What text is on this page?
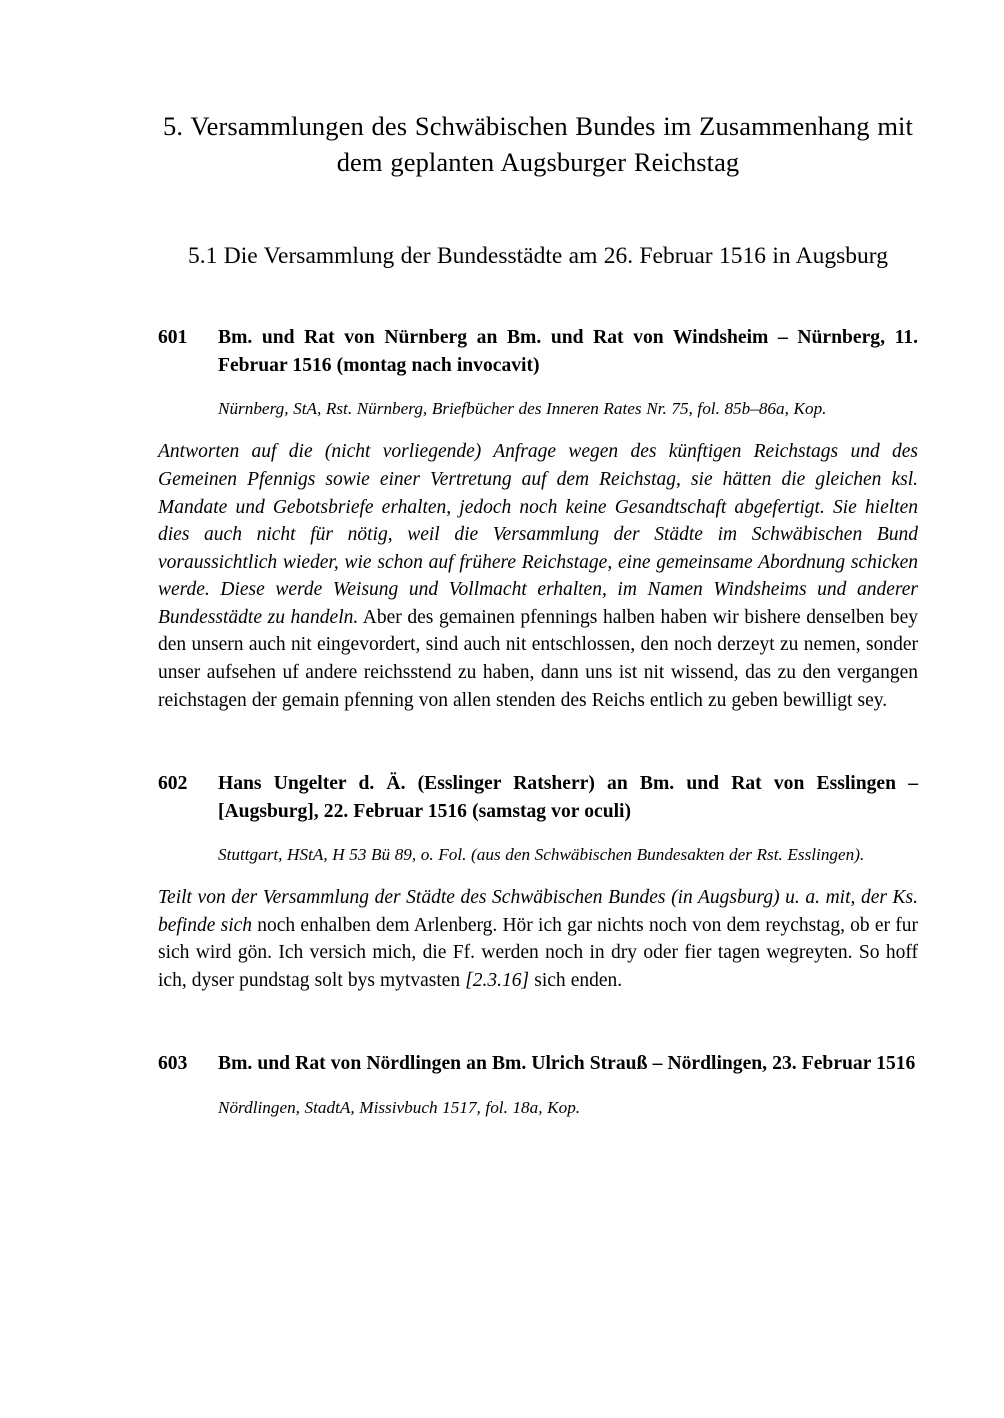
5. Versammlungen des Schwäbischen Bundes im Zusammenhang mit dem geplanten Augsburger Reichstag
5.1 Die Versammlung der Bundesstädte am 26. Februar 1516 in Augsburg

601 Bm. und Rat von Nürnberg an Bm. und Rat von Windsheim – Nürnberg, 11. Februar 1516 (montag nach invocavit)

Nürnberg, StA, Rst. Nürnberg, Briefbücher des Inneren Rates Nr. 75, fol. 85b–86a, Kop.

Antworten auf die (nicht vorliegende) Anfrage wegen des künftigen Reichstags und des Gemeinen Pfennigs sowie einer Vertretung auf dem Reichstag, sie hätten die gleichen ksl. Mandate und Gebotsbriefe erhalten, jedoch noch keine Gesandtschaft abgefertigt. Sie hielten dies auch nicht für nötig, weil die Versammlung der Städte im Schwäbischen Bund voraussichtlich wieder, wie schon auf frühere Reichstage, eine gemeinsame Abordnung schicken werde. Diese werde Weisung und Vollmacht erhalten, im Namen Windsheims und anderer Bundesstädte zu handeln. Aber des gemainen pfennings halben haben wir bishere denselben bey den unsern auch nit eingevordert, sind auch nit entschlossen, den noch derzeyt zu nemen, sonder unser aufsehen uf andere reichsstend zu haben, dann uns ist nit wissend, das zu den vergangen reichstagen der gemain pfenning von allen stenden des Reichs entlich zu geben bewilligt sey.

602 Hans Ungelter d. Ä. (Esslinger Ratsherr) an Bm. und Rat von Esslingen – [Augsburg], 22. Februar 1516 (samstag vor oculi)

Stuttgart, HStA, H 53 Bü 89, o. Fol. (aus den Schwäbischen Bundesakten der Rst. Esslingen).

Teilt von der Versammlung der Städte des Schwäbischen Bundes (in Augsburg) u. a. mit, der Ks. befinde sich noch enhalben dem Arlenberg. Hör ich gar nichts noch von dem reychstag, ob er fur sich wird gön. Ich versich mich, die Ff. werden noch in dry oder fier tagen wegreyten. So hoff ich, dyser pundstag solt bys mytvasten [2.3.16] sich enden.

603 Bm. und Rat von Nördlingen an Bm. Ulrich Strauß – Nördlingen, 23. Februar 1516

Nördlingen, StadtA, Missivbuch 1517, fol. 18a, Kop.
